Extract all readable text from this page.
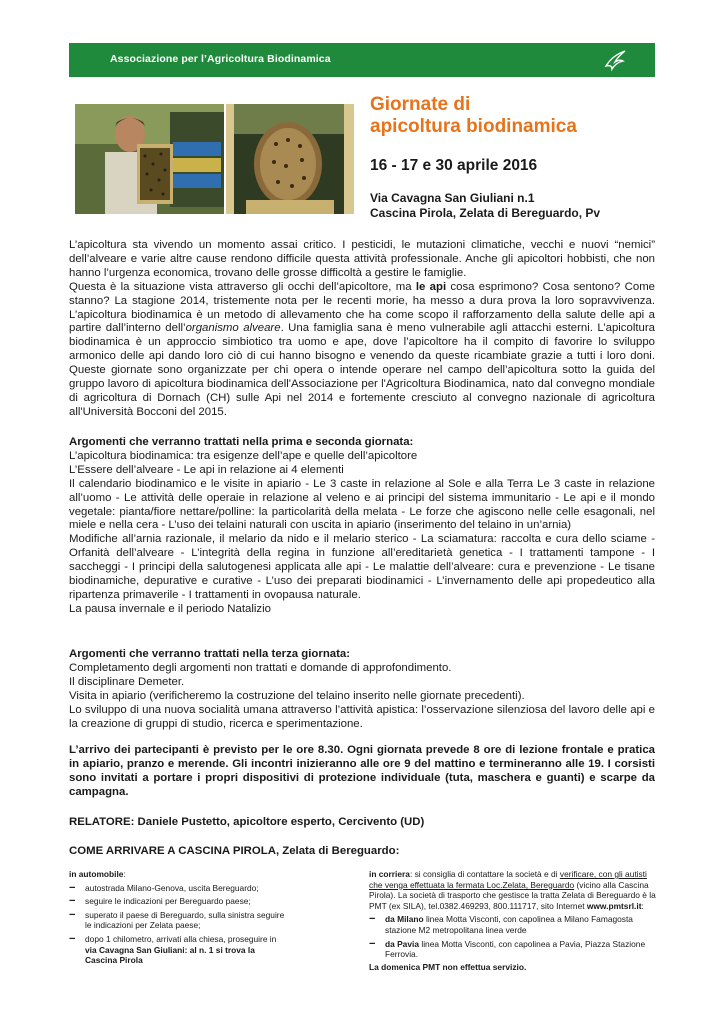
Associazione per l’Agricoltura Biodinamica
Giornate di
apicoltura biodinamica
16 - 17 e 30 aprile 2016
Via Cavagna San Giuliani n.1
Cascina Pirola, Zelata di Bereguardo, Pv
L’apicoltura sta vivendo un momento assai critico. I pesticidi, le mutazioni climatiche, vecchi e nuovi “nemici” dell’alveare e varie altre cause rendono difficile questa attività professionale. Anche gli apicoltori hobbisti, che non hanno l’urgenza economica, trovano delle grosse difficoltà a gestire le famiglie.
Questa è la situazione vista attraverso gli occhi dell’apicoltore, ma le api cosa esprimono? Cosa sentono? Come stanno? La stagione 2014, tristemente nota per le recenti morie, ha messo a dura prova la loro sopravvivenza. L’apicoltura biodinamica è un metodo di allevamento che ha come scopo il rafforzamento della salute delle api a partire dall’interno dell’organismo alveare. Una famiglia sana è meno vulnerabile agli attacchi esterni. L’apicoltura biodinamica è un approccio simbiotico tra uomo e ape, dove l’apicoltore ha il compito di favorire lo sviluppo armonico delle api dando loro ciò di cui hanno bisogno e venendo da queste ricambiate grazie a tutti i loro doni. Queste giornate sono organizzate per chi opera o intende operare nel campo dell’apicoltura sotto la guida del gruppo lavoro di apicoltura biodinamica dell'Associazione per l'Agricoltura Biodinamica, nato dal convegno mondiale di agricoltura di Dornach (CH) sulle Api nel 2014 e fortemente cresciuto al convegno nazionale di agricoltura all'Università Bocconi del 2015.
Argomenti che verranno trattati nella prima e seconda giornata:
L’apicoltura biodinamica: tra esigenze dell’ape e quelle dell’apicoltore
L’Essere dell’alveare - Le api in relazione ai 4 elementi
Il calendario biodinamico e le visite in apiario - Le 3 caste in relazione al Sole e alla Terra Le 3 caste in relazione all’uomo - Le attività delle operaie in relazione al veleno e ai principi del sistema immunitario - Le api e il mondo vegetale: pianta/fiore nettare/polline: la particolarità della melata - Le forze che agiscono nelle celle esagonali, nel miele e nella cera - L’uso dei telaini naturali con uscita in apiario (inserimento del telaino in un’arnia)
Modifiche all’arnia razionale, il melario da nido e il melario sterico - La sciamatura: raccolta e cura dello sciame - Orfanità dell’alveare - L’integrità della regina in funzione all’ereditarietà genetica - I trattamenti tampone - I saccheggi - I principi della salutogenesi applicata alle api - Le malattie dell’alveare: cura e prevenzione - Le tisane biodinamiche, depurative e curative - L’uso dei preparati biodinamici - L’invernamento delle api propedeutico alla ripartenza primaverile - I trattamenti in ovopausa naturale.
La pausa invernale e il periodo Natalizio
Argomenti che verranno trattati nella terza giornata:
Completamento degli argomenti non trattati e domande di approfondimento.
Il disciplinare Demeter.
Visita in apiario (verificheremo la costruzione del telaino inserito nelle giornate precedenti).
Lo sviluppo di una nuova socialità umana attraverso l’attività apistica: l’osservazione silenziosa del lavoro delle api e la creazione di gruppi di studio, ricerca e sperimentazione.
L’arrivo dei partecipanti è previsto per le ore 8.30. Ogni giornata prevede 8 ore di lezione frontale e pratica in apiario, pranzo e merende. Gli incontri inizieranno alle ore 9 del mattino e termineranno alle 19. I corsisti sono invitati a portare i propri dispositivi di protezione individuale (tuta, maschera e guanti) e scarpe da campagna.
RELATORE: Daniele Pustetto, apicoltore esperto, Cercivento (UD)
COME ARRIVARE A CASCINA PIROLA, Zelata di Bereguardo:
in automobile:
−	autostrada Milano-Genova, uscita Bereguardo;
−	seguire le indicazioni per Bereguardo paese;
−	superato il paese di Bereguardo, sulla sinistra seguire le indicazioni per Zelata paese;
−	dopo 1 chilometro, arrivati alla chiesa, proseguire in via Cavagna San Giuliani: al n. 1 si trova la Cascina Pirola
in corriera: si consiglia di contattare la società e di verificare, con gli autisti che venga effettuata la fermata Loc.Zelata, Bereguardo (vicino alla Cascina Pirola). La società di trasporto che gestisce la tratta Zelata di Bereguardo è la PMT (ex SILA), tel.0382.469293, 800.111717, sito Internet www.pmtsrl.it:
−	da Milano linea Motta Visconti, con capolinea a Milano Famagosta stazione M2 metropolitana linea verde
−	da Pavia linea Motta Visconti, con capolinea a Pavia, Piazza Stazione Ferrovia.
La domenica PMT non effettua servizio.
